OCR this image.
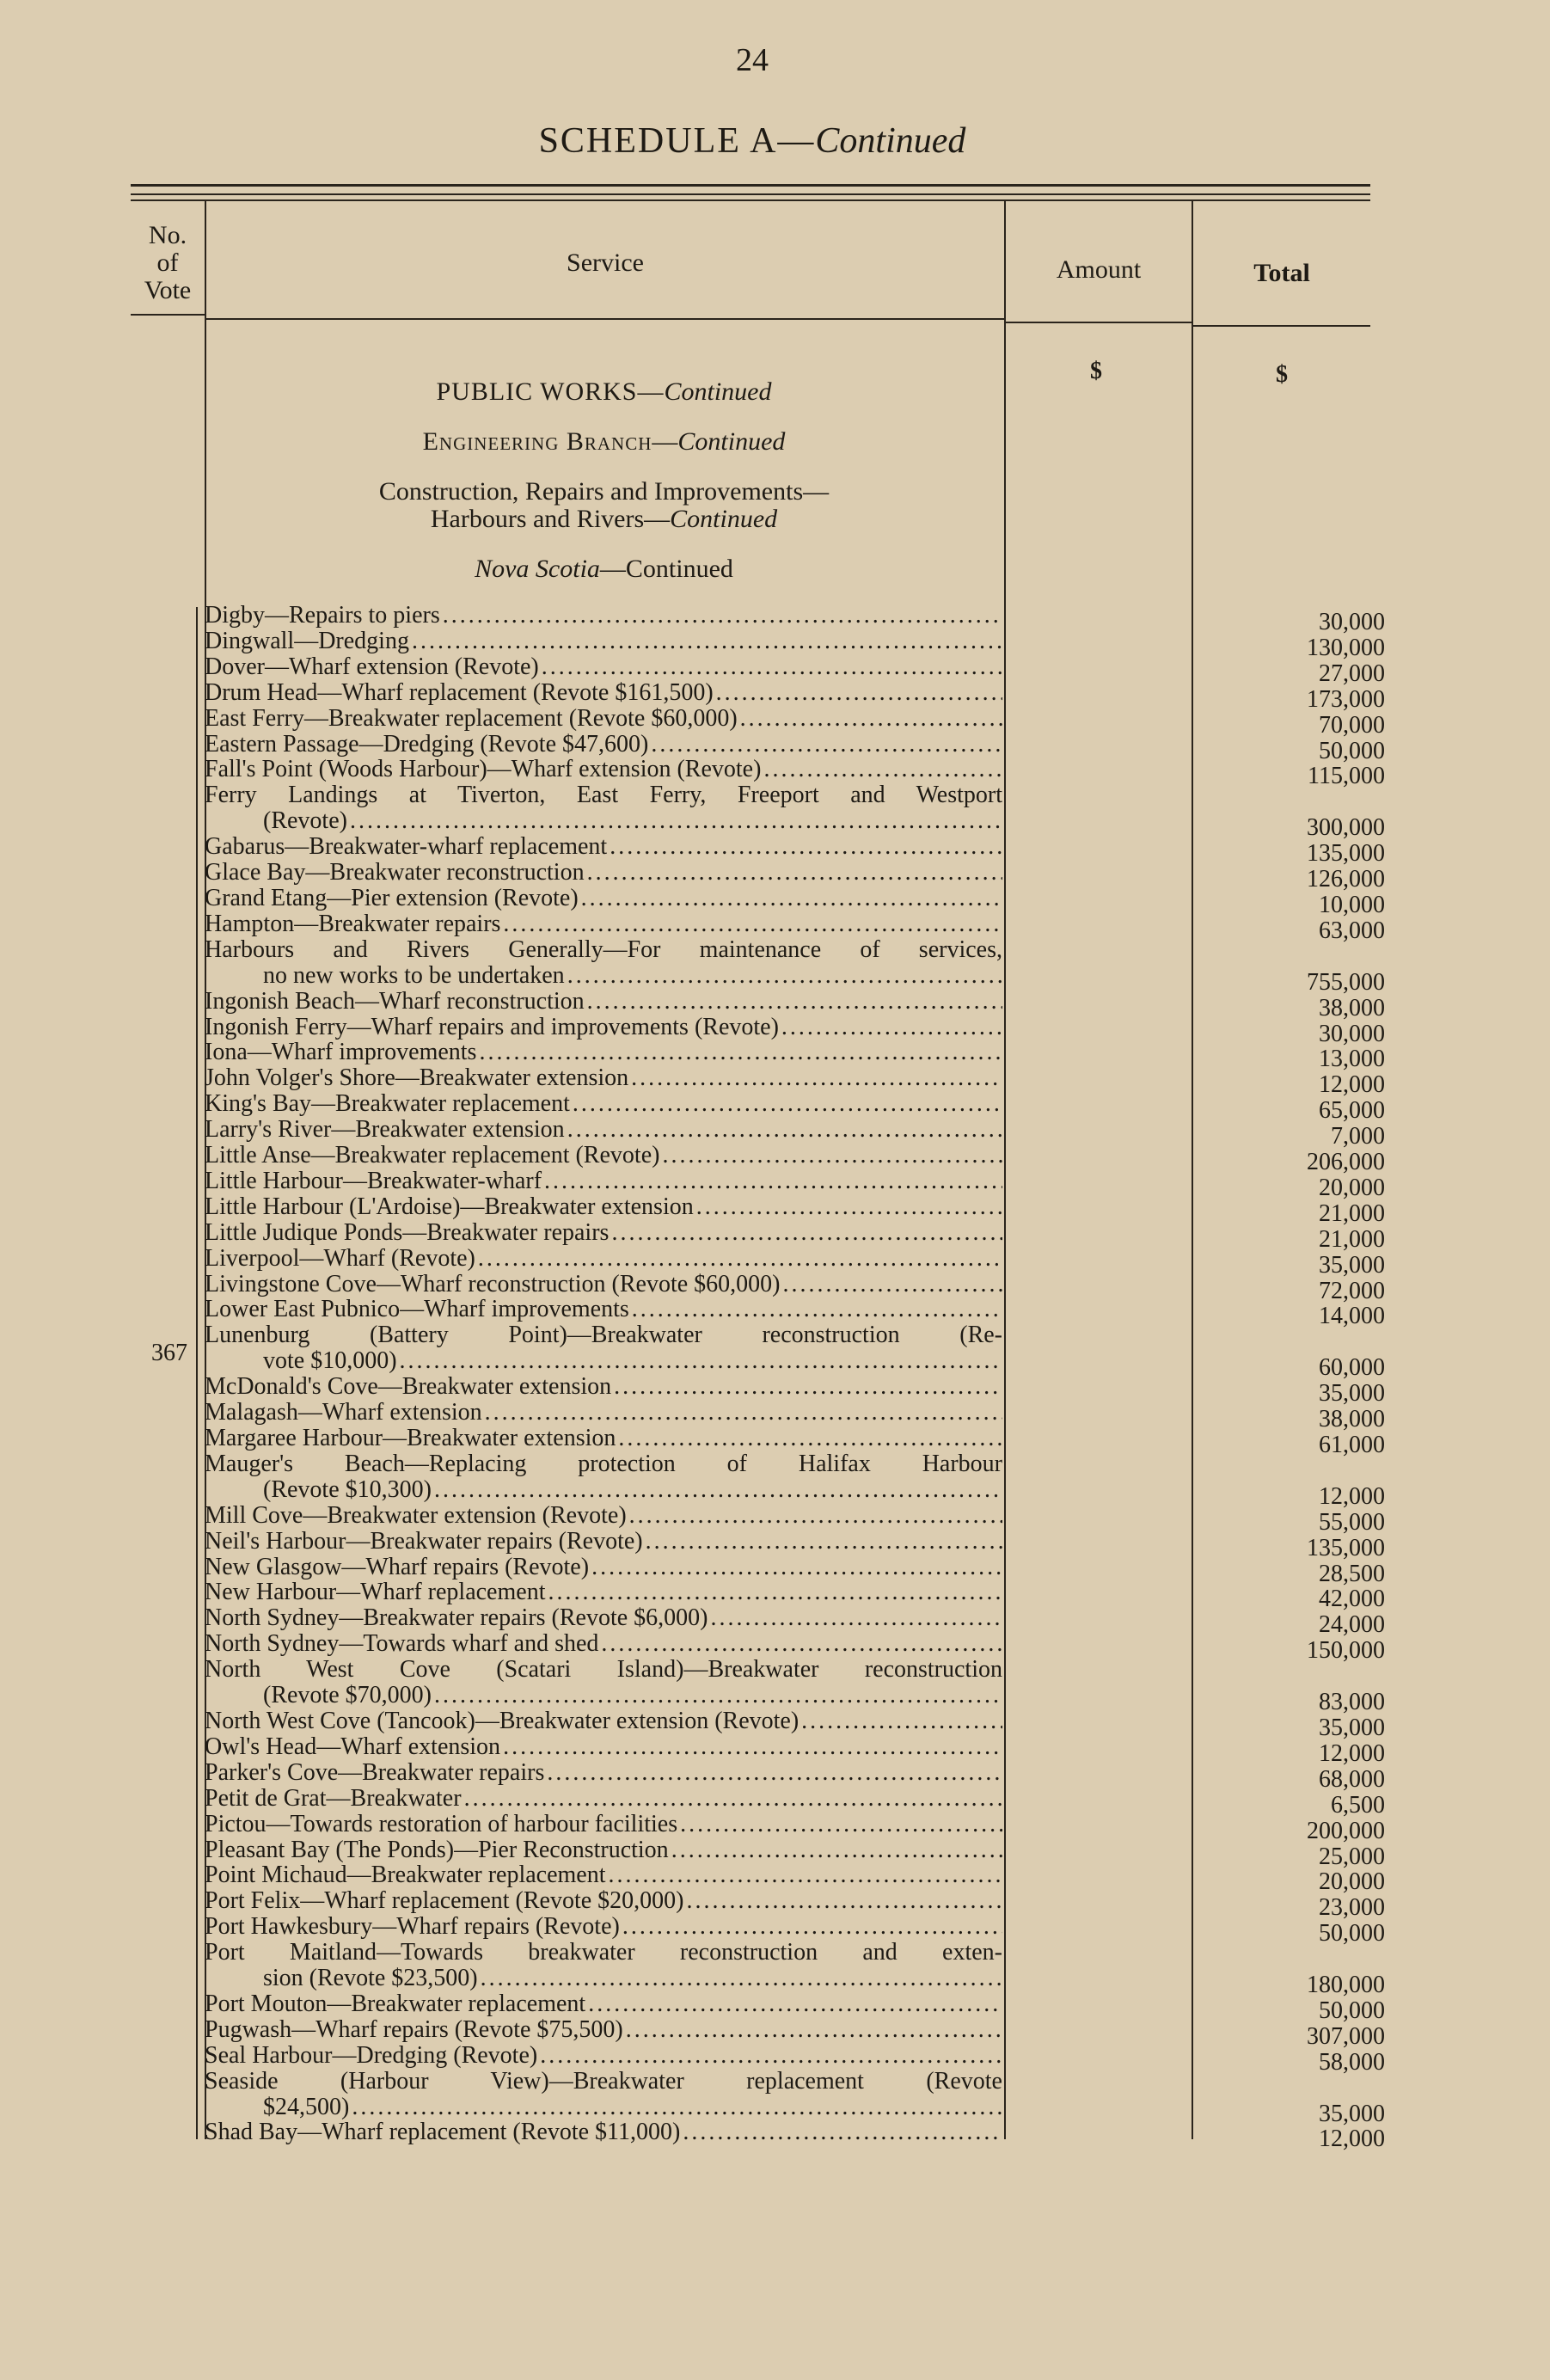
24
SCHEDULE A—Continued
No.
of
Vote
Service	Amount	Total
$	$
PUBLIC WORKS—Continued
Engineering Branch—Continued
Construction, Repairs and Improvements—
Harbours and Rivers—Continued
Nova Scotia—Continued
367
Digby—Repairs to piers .....	30,000
Dingwall—Dredging .....	130,000
Dover—Wharf extension (Revote) .....	27,000
Drum Head—Wharf replacement (Revote $161,500) .....	173,000
East Ferry—Breakwater replacement (Revote $60,000) .....	70,000
Eastern Passage—Dredging (Revote $47,600) .....	50,000
Fall's Point (Woods Harbour)—Wharf extension (Revote) .....	115,000
Ferry Landings at Tiverton, East Ferry, Freeport and Westport
(Revote) .....	300,000
Gabarus—Breakwater-wharf replacement .....	135,000
Glace Bay—Breakwater reconstruction .....	126,000
Grand Etang—Pier extension (Revote) .....	10,000
Hampton—Breakwater repairs .....	63,000
Harbours and Rivers Generally—For maintenance of services,
no new works to be undertaken .....	755,000
Ingonish Beach—Wharf reconstruction .....	38,000
Ingonish Ferry—Wharf repairs and improvements (Revote) .....	30,000
Iona—Wharf improvements .....	13,000
John Volger's Shore—Breakwater extension .....	12,000
King's Bay—Breakwater replacement .....	65,000
Larry's River—Breakwater extension .....	7,000
Little Anse—Breakwater replacement (Revote) .....	206,000
Little Harbour—Breakwater-wharf .....	20,000
Little Harbour (L'Ardoise)—Breakwater extension .....	21,000
Little Judique Ponds—Breakwater repairs .....	21,000
Liverpool—Wharf (Revote) .....	35,000
Livingstone Cove—Wharf reconstruction (Revote $60,000) .....	72,000
Lower East Pubnico—Wharf improvements .....	14,000
Lunenburg (Battery Point)—Breakwater reconstruction (Re-
vote $10,000) .....	60,000
McDonald's Cove—Breakwater extension .....	35,000
Malagash—Wharf extension .....	38,000
Margaree Harbour—Breakwater extension .....	61,000
Mauger's Beach—Replacing protection of Halifax Harbour
(Revote $10,300) .....	12,000
Mill Cove—Breakwater extension (Revote) .....	55,000
Neil's Harbour—Breakwater repairs (Revote) .....	135,000
New Glasgow—Wharf repairs (Revote) .....	28,500
New Harbour—Wharf replacement .....	42,000
North Sydney—Breakwater repairs (Revote $6,000) .....	24,000
North Sydney—Towards wharf and shed .....	150,000
North West Cove (Scatari Island)—Breakwater reconstruction
(Revote $70,000) .....	83,000
North West Cove (Tancook)—Breakwater extension (Revote) .....	35,000
Owl's Head—Wharf extension .....	12,000
Parker's Cove—Breakwater repairs .....	68,000
Petit de Grat—Breakwater .....	6,500
Pictou—Towards restoration of harbour facilities .....	200,000
Pleasant Bay (The Ponds)—Pier Reconstruction .....	25,000
Point Michaud—Breakwater replacement .....	20,000
Port Felix—Wharf replacement (Revote $20,000) .....	23,000
Port Hawkesbury—Wharf repairs (Revote) .....	50,000
Port Maitland—Towards breakwater reconstruction and exten-
sion (Revote $23,500) .....	180,000
Port Mouton—Breakwater replacement .....	50,000
Pugwash—Wharf repairs (Revote $75,500) .....	307,000
Seal Harbour—Dredging (Revote) .....	58,000
Seaside (Harbour View)—Breakwater replacement (Revote
$24,500) .....	35,000
Shad Bay—Wharf replacement (Revote $11,000) .....	12,000
